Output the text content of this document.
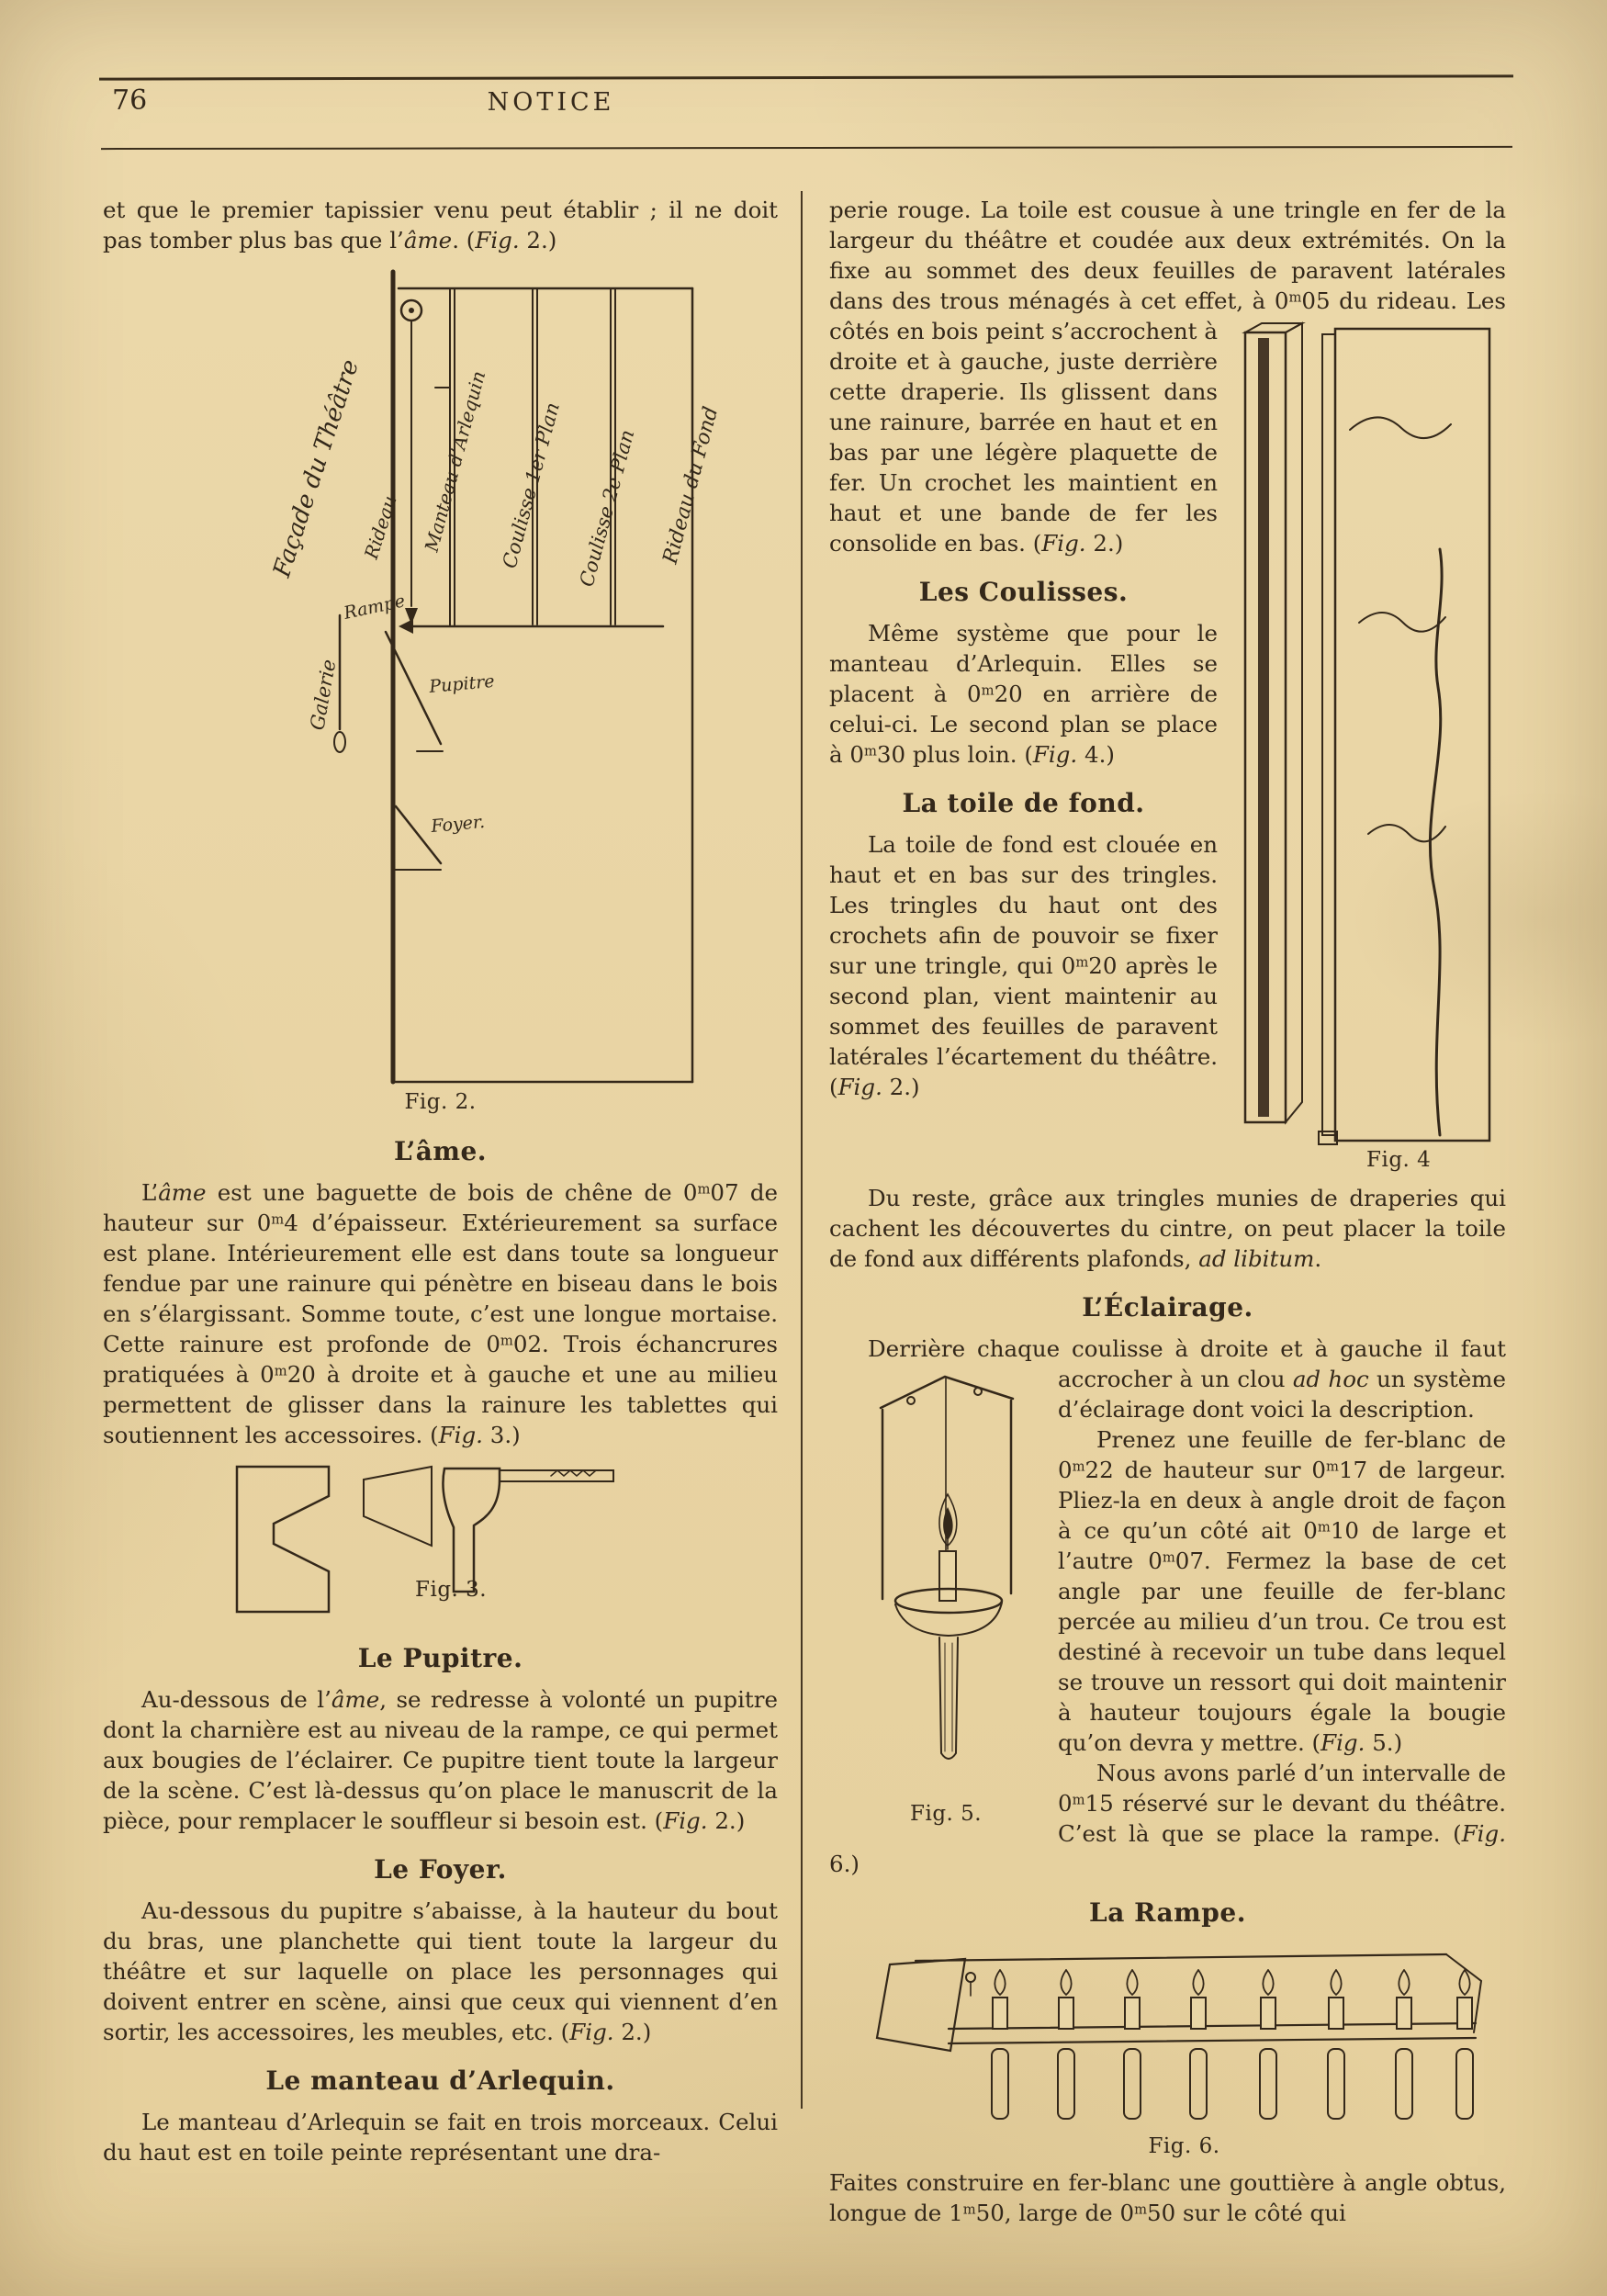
76	NOTICE

et que le premier tapissier venu peut établir ; il ne doit pas tomber plus bas que l’âme. (Fig. 2.)

Façade du Théâtre
Rideau Manteau d’Arlequin Coulisse 1er Plan Coulisse 2e Plan Rideau du Fond
Rampe
Galerie	Pupitre
Foyer.
Fig. 2.
L’âme.

L’âme est une baguette de bois de chêne de 0$^m$07 de hauteur sur 0$^m$4 d’épaisseur. Extérieurement sa surface est plane. Intérieurement elle est dans toute sa longueur fendue par une rainure qui pénètre en biseau dans le bois en s’élargissant. Somme toute, c’est une longue mortaise. Cette rainure est profonde de 0$^m$02. Trois échancrures pratiquées à 0$^m$20 à droite et à gauche et une au milieu permettent de glisser dans la rainure les tablettes qui soutiennent les accessoires. (Fig. 3.)

Fig. 3.
Le Pupitre.

Au-dessous de l’âme, se redresse à volonté un pupitre dont la charnière est au niveau de la rampe, ce qui permet aux bougies de l’éclairer. Ce pupitre tient toute la largeur de la scène. C’est là-dessus qu’on place le manuscrit de la pièce, pour remplacer le souffleur si besoin est. (Fig. 2.)

Le Foyer.

Au-dessous du pupitre s’abaisse, à la hauteur du bout du bras, une planchette qui tient toute la largeur du théâtre et sur laquelle on place les personnages qui doivent entrer en scène, ainsi que ceux qui viennent d’en sortir, les accessoires, les meubles, etc. (Fig. 2.)

Le manteau d’Arlequin.

Le manteau d’Arlequin se fait en trois morceaux. Celui du haut est en toile peinte représentant une dra-

perie rouge. La toile est cousue à une tringle en fer de la largeur du théâtre et coudée aux deux extrémités. On la fixe au sommet des deux feuilles de paravent latérales dans des trous ménagés à cet effet, à 0$^m$05 du rideau.
Fig. 4
Les côtés en bois peint s’accrochent à droite et à gauche, juste derrière cette draperie. Ils glissent dans une rainure, barrée en haut et en bas par une légère plaquette de fer. Un crochet les maintient en haut et une bande de fer les consolide en bas. (Fig. 2.)

Les Coulisses.

Même système que pour le manteau d’Arlequin. Elles se placent à 0$^m$20 en arrière de celui-ci. Le second plan se place à 0$^m$30 plus loin. (Fig. 4.)

La toile de fond.

La toile de fond est clouée en haut et en bas sur des tringles. Les tringles du haut ont des crochets afin de pouvoir se fixer sur une tringle, qui 0$^m$20 après le second plan, vient maintenir au sommet des feuilles de paravent latérales l’écartement du théâtre. (Fig. 2.)

Du reste, grâce aux tringles munies de draperies qui cachent les découvertes du cintre, on peut placer la toile de fond aux différents plafonds, ad libitum.

L’Éclairage.

Derrière chaque coulisse à droite et à gauche il faut
Fig. 5.
accrocher à un clou ad hoc un système d’éclairage dont voici la description.

Prenez une feuille de fer-blanc de 0$^m$22 de hauteur sur 0$^m$17 de largeur. Pliez-la en deux à angle droit de façon à ce qu’un côté ait 0$^m$10 de large et l’autre 0$^m$07. Fermez la base de cet angle par une feuille de fer-blanc percée au milieu d’un trou. Ce trou est destiné à recevoir un tube dans lequel se trouve un ressort qui doit maintenir à hauteur toujours égale la bougie qu’on devra y mettre. (Fig. 5.)

Nous avons parlé d’un intervalle de 0$^m$15 réservé sur le devant du théâtre. C’est là que se place la rampe. (Fig. 6.)

La Rampe.
Fig. 6.

Faites construire en fer-blanc une gouttière à angle obtus, longue de 1$^m$50, large de 0$^m$50 sur le côté qui
